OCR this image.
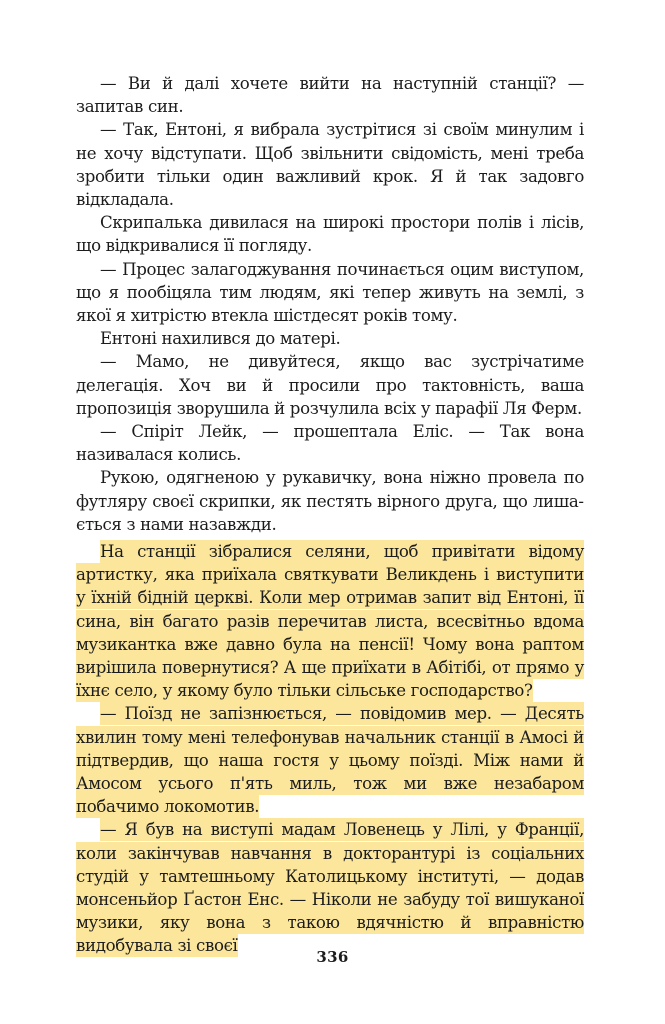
— Ви й далі хочете вийти на наступній станції? — запитав син.

— Так, Ентоні, я вибрала зустрітися зі своїм минулим і не хочу відступати. Щоб звільнити свідомість, мені треба зробити тільки один важливий крок. Я й так задовго відкладала.

Скрипалька дивилася на широкі простори полів і лісів, що відкривалися її погляду.

— Процес залагоджування починається оцим виступом, що я пообіцяла тим людям, які тепер живуть на землі, з якої я хитрістю втекла шістдесят років тому.

Ентоні нахилився до матері.

— Мамо, не дивуйтеся, якщо вас зустрічатиме делегація. Хоч ви й просили про тактовність, ваша пропозиція зворушила й розчулила всіх у парафії Ля Ферм.

— Спіріт Лейк, — прошептала Еліс. — Так вона називалася колись.

Рукою, одягненою у рукавичку, вона ніжно провела по футляру своєї скрипки, як пестять вірного друга, що лишається з нами назавжди.

На станції зібралися селяни, щоб привітати відому артистку, яка приїхала святкувати Великдень і виступити у їхній бідній церкві. Коли мер отримав запит від Ентоні, її сина, він багато разів перечитав листа, всесвітньо вдома музикантка вже давно була на пенсії! Чому вона раптом вирішила повернутися? А ще приїхати в Абітібі, от прямо у їхнє село, у якому було тільки сільське господарство?

— Поїзд не запізнюється, — повідомив мер. — Десять хвилин тому мені телефонував начальник станції в Амосі й підтвердив, що наша гостя у цьому поїзді. Між нами й Амосом усього п'ять миль, тож ми вже незабаром побачимо локомотив.

— Я був на виступі мадам Ловенець у Лілі, у Франції, коли закінчував навчання в докторантурі із соціальних студій у тамтешньому Католицькому інституті, — додав монсеньйор Ґастон Енс. — Ніколи не забуду тої вишуканої музики, яку вона з такою вдячністю й вправністю видобувала зі своєї

336
